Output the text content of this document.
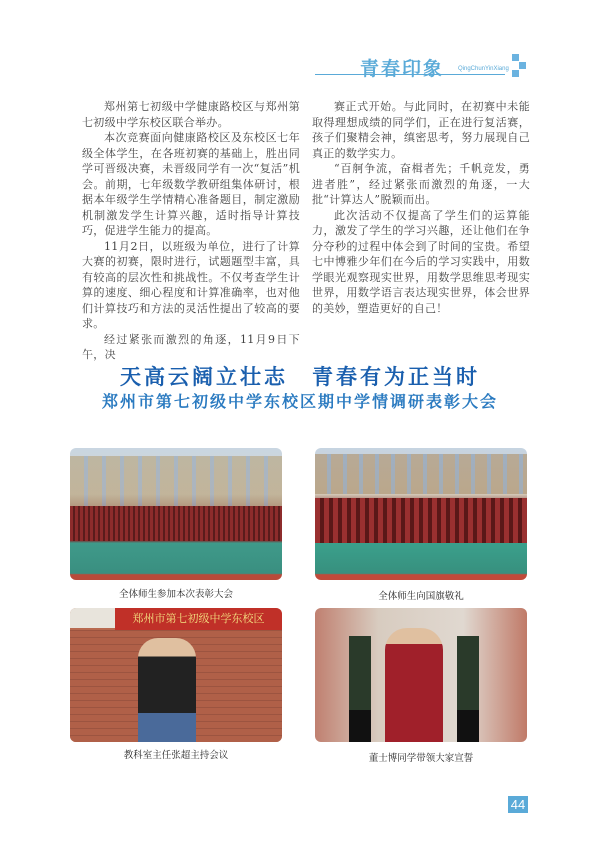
青春印象 QingChunYinXiang

郑州第七初级中学健康路校区与郑州第七初级中学东校区联合举办。

本次竞赛面向健康路校区及东校区七年级全体学生，在各班初赛的基础上，胜出同学可晋级决赛，未晋级同学有一次“复活”机会。前期，七年级数学教研组集体研讨，根据本年级学生学情精心准备题目，制定激励机制激发学生计算兴趣，适时指导计算技巧，促进学生能力的提高。

11月2日，以班级为单位，进行了计算大赛的初赛，限时进行，试题题型丰富，具有较高的层次性和挑战性。不仅考查学生计算的速度、细心程度和计算准确率，也对他们计算技巧和方法的灵活性提出了较高的要求。

经过紧张而激烈的角逐，11月9日下午，决

赛正式开始。与此同时，在初赛中未能取得理想成绩的同学们，正在进行复活赛，孩子们聚精会神，缜密思考，努力展现自己真正的数学实力。

“百舸争流，奋楫者先；千帆竞发，勇进者胜”，经过紧张而激烈的角逐，一大批“计算达人”脱颖而出。

此次活动不仅提高了学生们的运算能力，激发了学生的学习兴趣，还让他们在争分夺秒的过程中体会到了时间的宝贵。希望七中博雅少年们在今后的学习实践中，用数学眼光观察现实世界，用数学思维思考现实世界，用数学语言表达现实世界，体会世界的美妙，塑造更好的自己！

天高云阔立壮志　青春有为正当时
郑州市第七初级中学东校区期中学情调研表彰大会
全体师生参加本次表彰大会	全体师生向国旗敬礼
郑州市第七初级中学东校区
教科室主任张超主持会议	董士博同学带领大家宣誓
44
